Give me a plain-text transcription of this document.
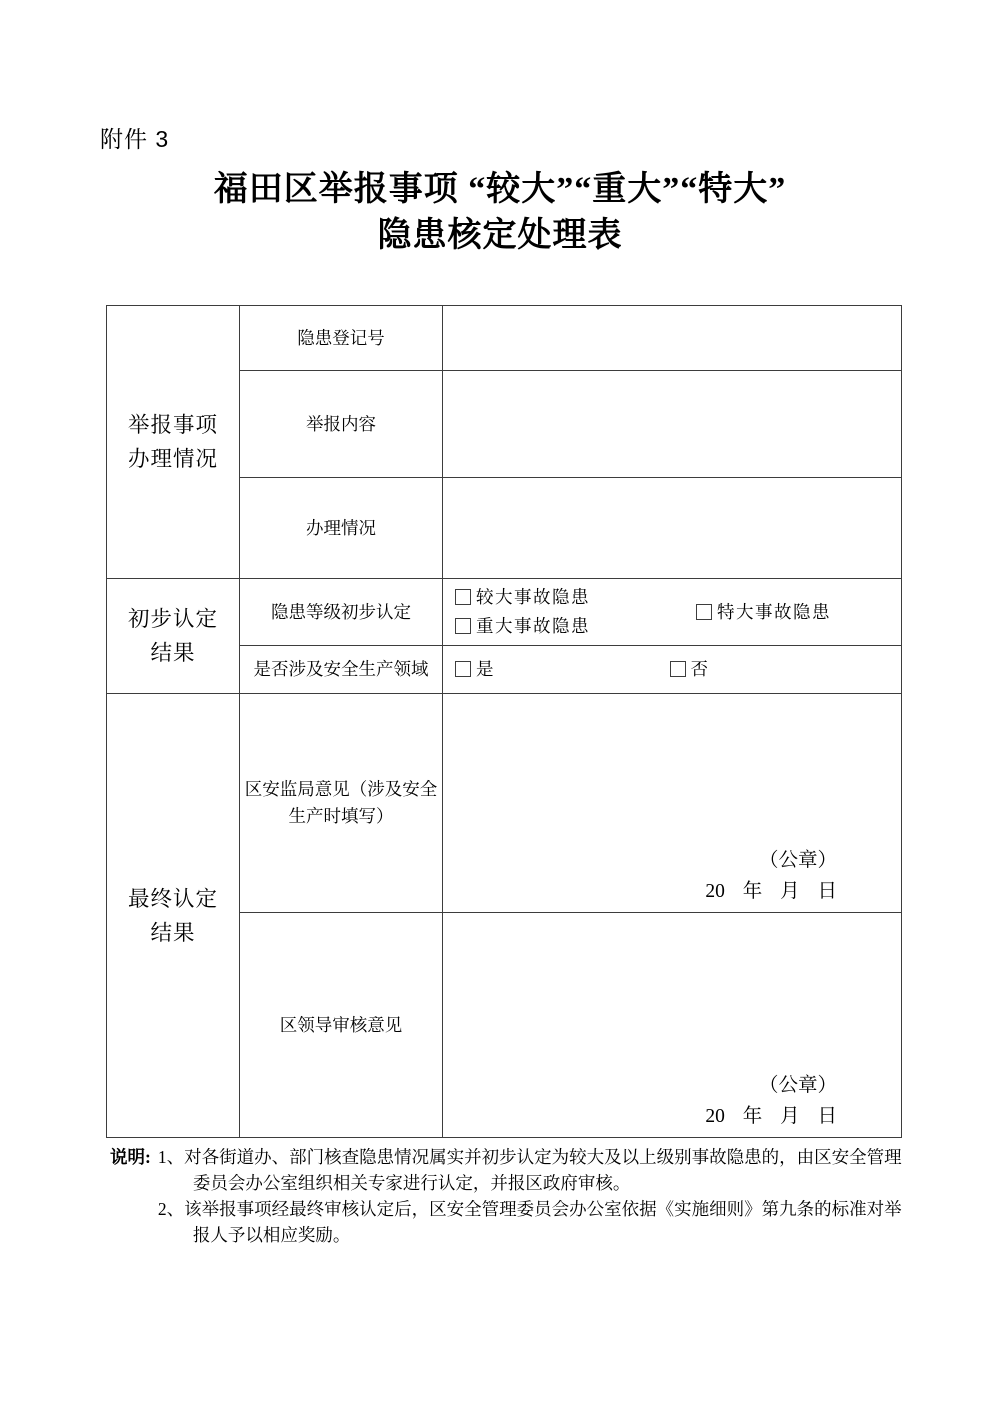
附件 3
福田区举报事项 “较大”“重大”“特大”
隐患核定处理表
举报事项办理情况	隐患登记号	
	举报内容	
	办理情况	
初步认定结果	隐患等级初步认定	较大事故隐患
重大事故隐患
特大事故隐患

	是否涉及安全生产领域	是 否

最终认定结果	区安监局意见（涉及安全生产时填写）	（公章）
20 年 月 日

	区领导审核意见	（公章）
20 年 月 日
说明: 1、对各街道办、部门核查隐患情况属实并初步认定为较大及以上级别事故隐患的，由区安全管理委员会办公室组织相关专家进行认定，并报区政府审核。
2、该举报事项经最终审核认定后，区安全管理委员会办公室依据《实施细则》第九条的标准对举报人予以相应奖励。
